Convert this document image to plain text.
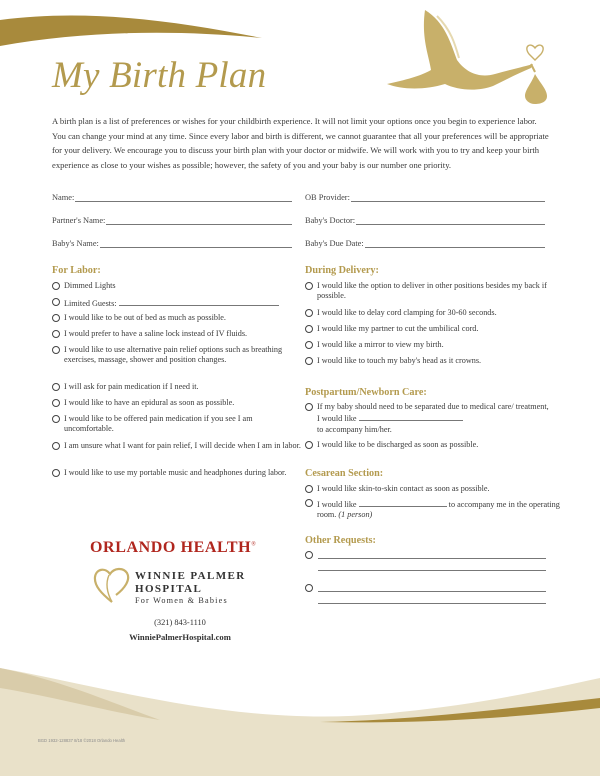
My Birth Plan

A birth plan is a list of preferences or wishes for your childbirth experience. It will not limit your options once you begin to experience labor. You can change your mind at any time. Since every labor and birth is different, we cannot guarantee that all your preferences will be appropriate for your delivery. We encourage you to discuss your birth plan with your doctor or midwife. We will work with you to try and keep your birth experience as close to your wishes as possible; however, the safety of you and your baby is our number one priority.

Name:
Partner's Name:
Baby's Name:
OB Provider:
Baby's Doctor:
Baby's Due Date:
For Labor:
Dimmed Lights
Limited Guests:
I would like to be out of bed as much as possible.
I would prefer to have a saline lock instead of IV fluids.
I would like to use alternative pain relief options such as breathing exercises, massage, shower and position changes.
I will ask for pain medication if I need it.
I would like to have an epidural as soon as possible.
I would like to be offered pain medication if you see I am uncomfortable.
I am unsure what I want for pain relief, I will decide when I am in labor.
I would like to use my portable music and headphones during labor.
During Delivery:
I would like the option to deliver in other positions besides my back if possible.
I would like to delay cord clamping for 30-60 seconds.
I would like my partner to cut the umbilical cord.
I would like a mirror to view my birth.
I would like to touch my baby's head as it crowns.
Postpartum/Newborn Care:
If my baby should need to be separated due to medical care/ treatment, I would like
to accompany him/her.
I would like to be discharged as soon as possible.
Cesarean Section:
I would like skin-to-skin contact as soon as possible.
I would like	to accompany me in the operating room. (1 person)
Other Requests:
ORLANDO HEALTH®
WINNIE PALMER
HOSPITAL
For Women & Babies
(321) 843-1110
WinniePalmerHospital.com
BGD 1932-128837 8/18 ©2018 Orlando Health
